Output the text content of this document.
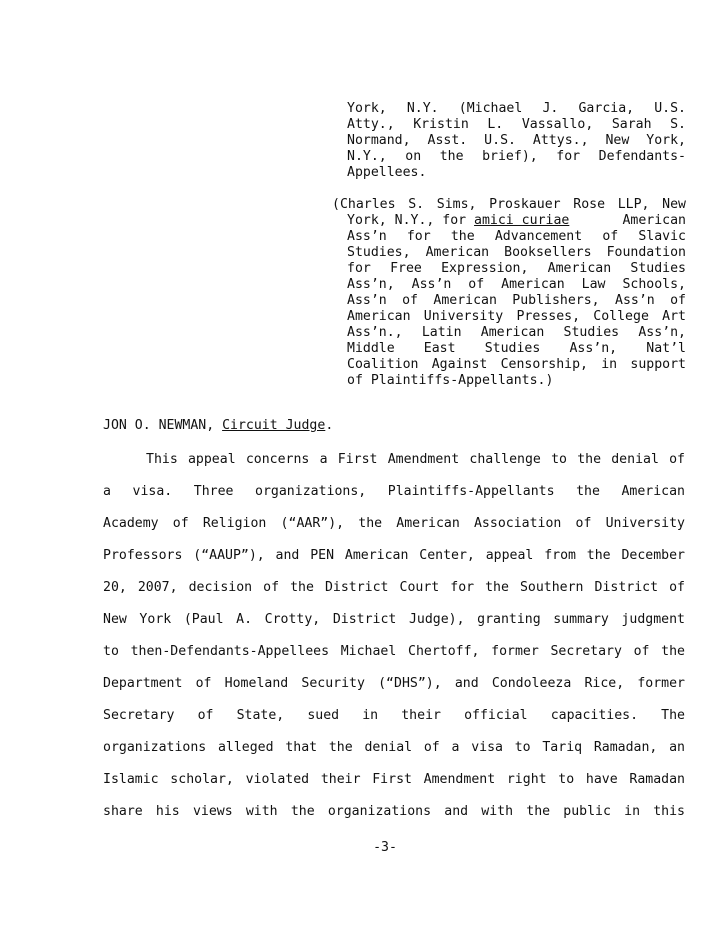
York, N.Y. (Michael J. Garcia, U.S.
Atty., Kristin L. Vassallo, Sarah S.
Normand, Asst. U.S. Attys., New York,
N.Y., on the brief), for Defendants-
Appellees.
(Charles S. Sims, Proskauer Rose LLP, New
York, N.Y., for amici curiae	American
Ass’n for the Advancement of Slavic
Studies, American Booksellers Foundation
for Free Expression, American Studies
Ass’n, Ass’n of American Law Schools,
Ass’n of American Publishers, Ass’n of
American University Presses, College Art
Ass’n., Latin American Studies Ass’n,
Middle East Studies Ass’n, Nat’l
Coalition Against Censorship, in support
of Plaintiffs-Appellants.)
JON O. NEWMAN, Circuit Judge.
This appeal concerns a First Amendment challenge to the denial of
a visa. Three organizations, Plaintiffs-Appellants the American
Academy of Religion (“AAR”), the American Association of University
Professors (“AAUP”), and PEN American Center, appeal from the December
20, 2007, decision of the District Court for the Southern District of
New York (Paul A. Crotty, District Judge), granting summary judgment
to then-Defendants-Appellees Michael Chertoff, former Secretary of the
Department of Homeland Security (“DHS”), and Condoleeza Rice, former
Secretary of State, sued in their official capacities. The
organizations alleged that the denial of a visa to Tariq Ramadan, an
Islamic scholar, violated their First Amendment right to have Ramadan
share his views with the organizations and with the public in this
-3-
